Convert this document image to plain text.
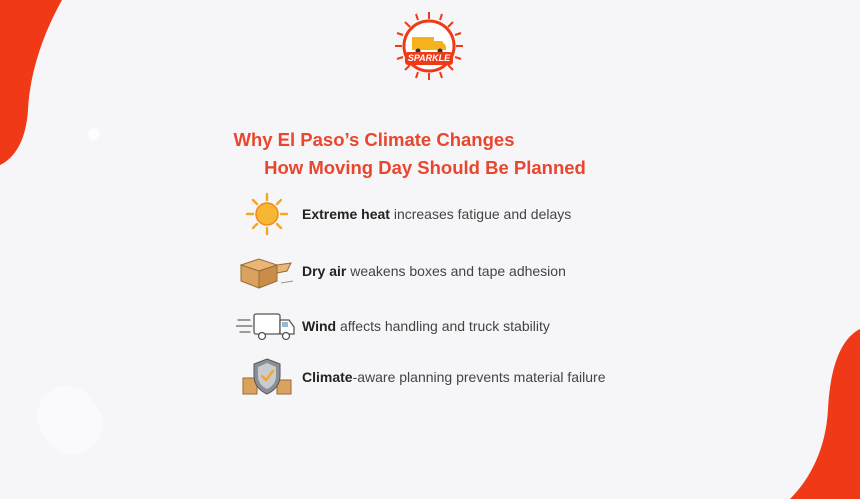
SPARKLE
Why El Paso’s Climate Changes
How Moving Day Should Be Planned
Extreme heat increases fatigue and delays
Dry air weakens boxes and tape adhesion
Wind affects handling and truck stability
Climate-aware planning prevents material failure
